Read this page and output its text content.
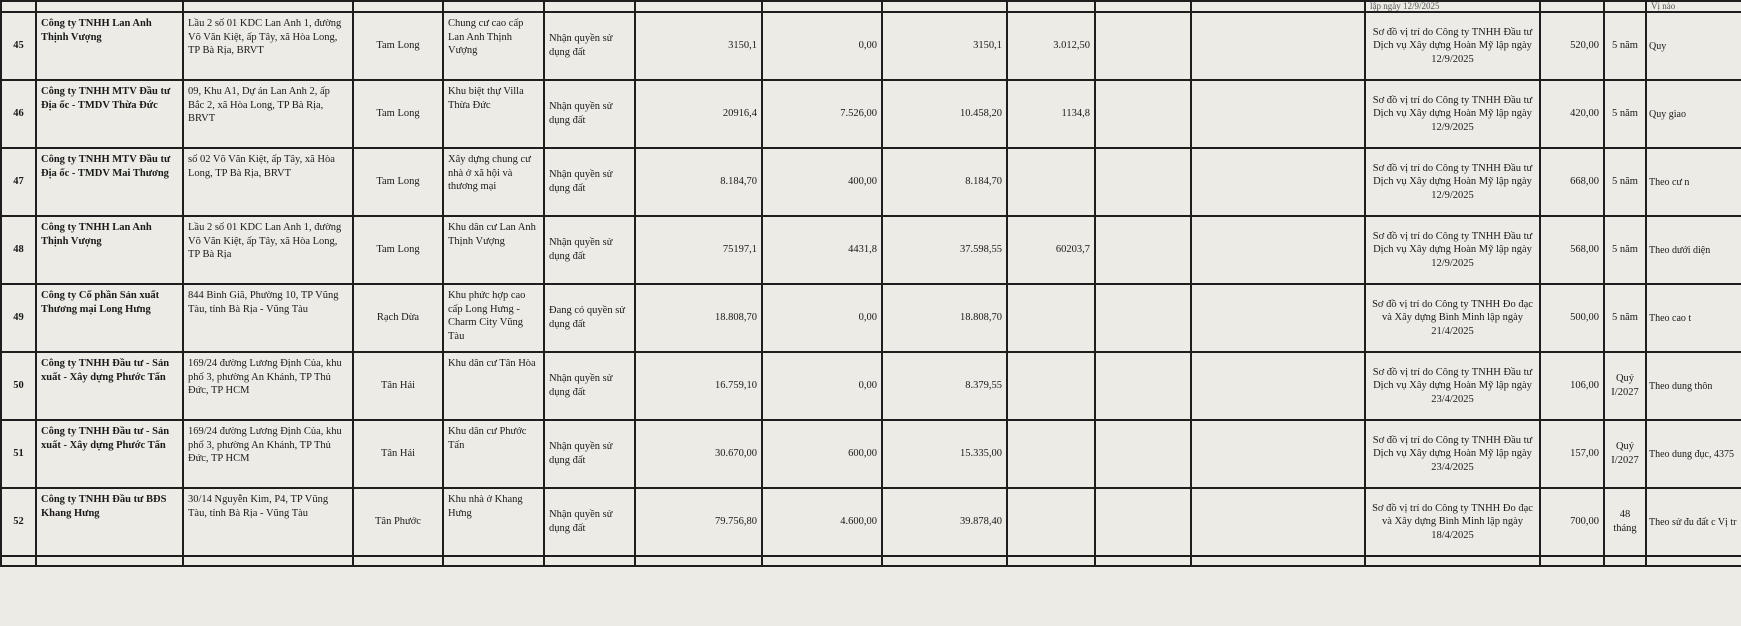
												lập ngày 12/9/2025			Vị nào

45	Công ty TNHH Lan Anh Thịnh Vượng	Lầu 2 số 01 KDC Lan Anh 1, đường Võ Văn Kiệt, ấp Tây, xã Hòa Long, TP Bà Rịa, BRVT	Tam Long	Chung cư cao cấp Lan Anh Thịnh Vượng	Nhận quyền sử dụng đất	3150,1	0,00	3150,1	3.012,50			Sơ đồ vị trí do Công ty TNHH Đầu tư Dịch vụ Xây dựng Hoàn Mỹ lập ngày 12/9/2025	520,00	5 năm	Quy
46	Công ty TNHH MTV Đầu tư Địa ốc - TMDV Thừa Đức	09, Khu A1, Dự án Lan Anh 2, ấp Bắc 2, xã Hòa Long, TP Bà Rịa, BRVT	Tam Long	Khu biệt thự Villa Thừa Đức	Nhận quyền sử dụng đất	20916,4	7.526,00	10.458,20	1134,8			Sơ đồ vị trí do Công ty TNHH Đầu tư Dịch vụ Xây dựng Hoàn Mỹ lập ngày 12/9/2025	420,00	5 năm	Quy giao
47	Công ty TNHH MTV Đầu tư Địa ốc - TMDV Mai Thương	số 02 Võ Văn Kiệt, ấp Tây, xã Hòa Long, TP Bà Rịa, BRVT	Tam Long	Xây dựng chung cư nhà ở xã hội và thương mại	Nhận quyền sử dụng đất	8.184,70	400,00	8.184,70				Sơ đồ vị trí do Công ty TNHH Đầu tư Dịch vụ Xây dựng Hoàn Mỹ lập ngày 12/9/2025	668,00	5 năm	Theo cư n
48	Công ty TNHH Lan Anh Thịnh Vượng	Lầu 2 số 01 KDC Lan Anh 1, đường Võ Văn Kiệt, ấp Tây, xã Hòa Long, TP Bà Rịa	Tam Long	Khu dân cư Lan Anh Thịnh Vượng	Nhận quyền sử dụng đất	75197,1	4431,8	37.598,55	60203,7			Sơ đồ vị trí do Công ty TNHH Đầu tư Dịch vụ Xây dựng Hoàn Mỹ lập ngày 12/9/2025	568,00	5 năm	Theo dưới diện
49	Công ty Cổ phần Sản xuất Thương mại Long Hưng	844 Bình Giã, Phường 10, TP Vũng Tàu, tỉnh Bà Rịa - Vũng Tàu	Rạch Dừa	Khu phức hợp cao cấp Long Hưng - Charm City Vũng Tàu	Đang có quyền sử dụng đất	18.808,70	0,00	18.808,70				Sơ đồ vị trí do Công ty TNHH Đo đạc và Xây dựng Bình Minh lập ngày 21/4/2025	500,00	5 năm	Theo cao t
50	Công ty TNHH Đầu tư - Sản xuất - Xây dựng Phước Tấn	169/24 đường Lương Định Của, khu phố 3, phường An Khánh, TP Thủ Đức, TP HCM	Tân Hải	Khu dân cư Tân Hòa	Nhận quyền sử dụng đất	16.759,10	0,00	8.379,55				Sơ đồ vị trí do Công ty TNHH Đầu tư Dịch vụ Xây dựng Hoàn Mỹ lập ngày 23/4/2025	106,00	Quý I/2027	Theo dung thôn
51	Công ty TNHH Đầu tư - Sản xuất - Xây dựng Phước Tấn	169/24 đường Lương Định Của, khu phố 3, phường An Khánh, TP Thủ Đức, TP HCM	Tân Hải	Khu dân cư Phước Tấn	Nhận quyền sử dụng đất	30.670,00	600,00	15.335,00				Sơ đồ vị trí do Công ty TNHH Đầu tư Dịch vụ Xây dựng Hoàn Mỹ lập ngày 23/4/2025	157,00	Quý I/2027	Theo dung đục, 4375
52	Công ty TNHH Đầu tư BĐS Khang Hưng	30/14 Nguyễn Kim, P4, TP Vũng Tàu, tỉnh Bà Rịa - Vũng Tàu	Tân Phước	Khu nhà ở Khang Hưng	Nhận quyền sử dụng đất	79.756,80	4.600,00	39.878,40				Sơ đồ vị trí do Công ty TNHH Đo đạc và Xây dựng Bình Minh lập ngày 18/4/2025	700,00	48 tháng	Theo sử đu đất c Vị tr
